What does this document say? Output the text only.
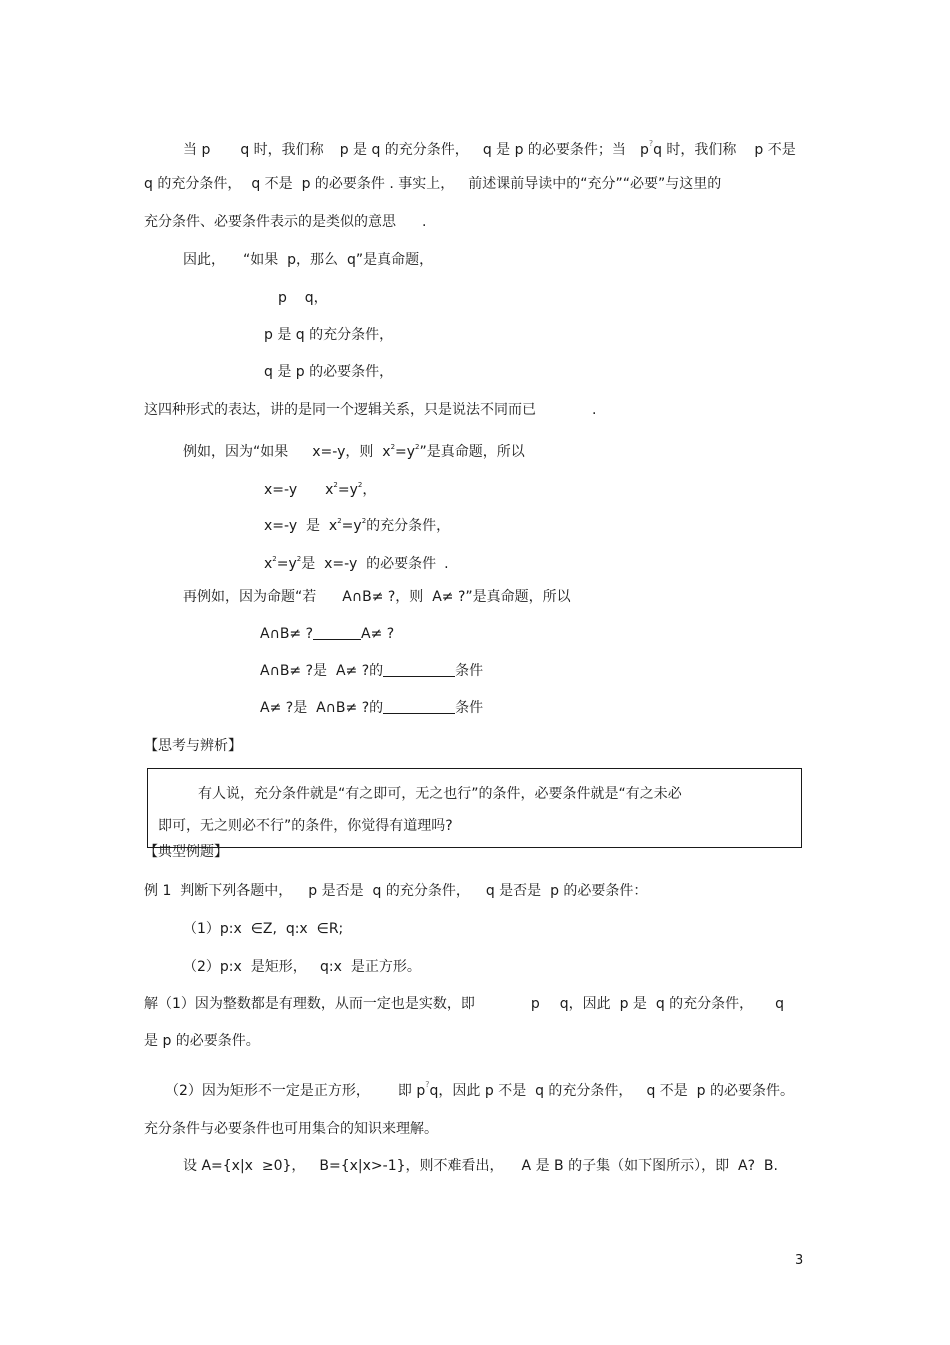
当 p q 时，我们称 p 是 q 的充分条件， q 是 p 的必要条件；当 p?q 时，我们称 p 不是
q 的充分条件， q 不是  p 的必要条件 . 事实上， 前述课前导读中的“充分”“必要”与这里的
充分条件、必要条件表示的是类似的意思 .
因此， “如果  p，那么  q”是真命题，
p    q，
p 是 q 的充分条件，
q 是 p 的必要条件，
这四种形式的表达，讲的是同一个逻辑关系，只是说法不同而已	.
例如，因为“如果 x=-y，则  $x^2=y^2$”是真命题，所以
x=-y $x^2=y^2$，
x=-y  是  $x^2=y^2$的充分条件，
$x^2=y^2$是  x=-y  的必要条件 .
再例如，因为命题“若 A∩B≠ ?，则  A≠ ?”是真命题，所以
A∩B≠ ?	A≠ ?
A∩B≠ ?是  A≠ ?的	条件
A≠ ?是  A∩B≠ ?的	条件
【思考与辨析】
有人说，充分条件就是“有之即可，无之也行”的条件，必要条件就是“有之未必
即可，无之则必不行”的条件，你觉得有道理吗?
【典型例题】
例 1  判断下列各题中， p 是否是  q 的充分条件， q 是否是  p 的必要条件：
（1）p:x  ∈Z,  q:x  ∈R;
（2）p:x  是矩形，   q:x  是正方形。
解（1）因为整数都是有理数，从而一定也是实数，即	p q，因此  p 是  q 的充分条件， q
是 p 的必要条件。
（2）因为矩形不一定是正方形， 即 p?q，因此 p 不是  q 的充分条件， q 不是  p 的必要条件。
充分条件与必要条件也可用集合的知识来理解。
设 A={x|x  ≥0}， B={x|x>-1}，则不难看出， A 是 B 的子集（如下图所示），即  A?  B.
3
